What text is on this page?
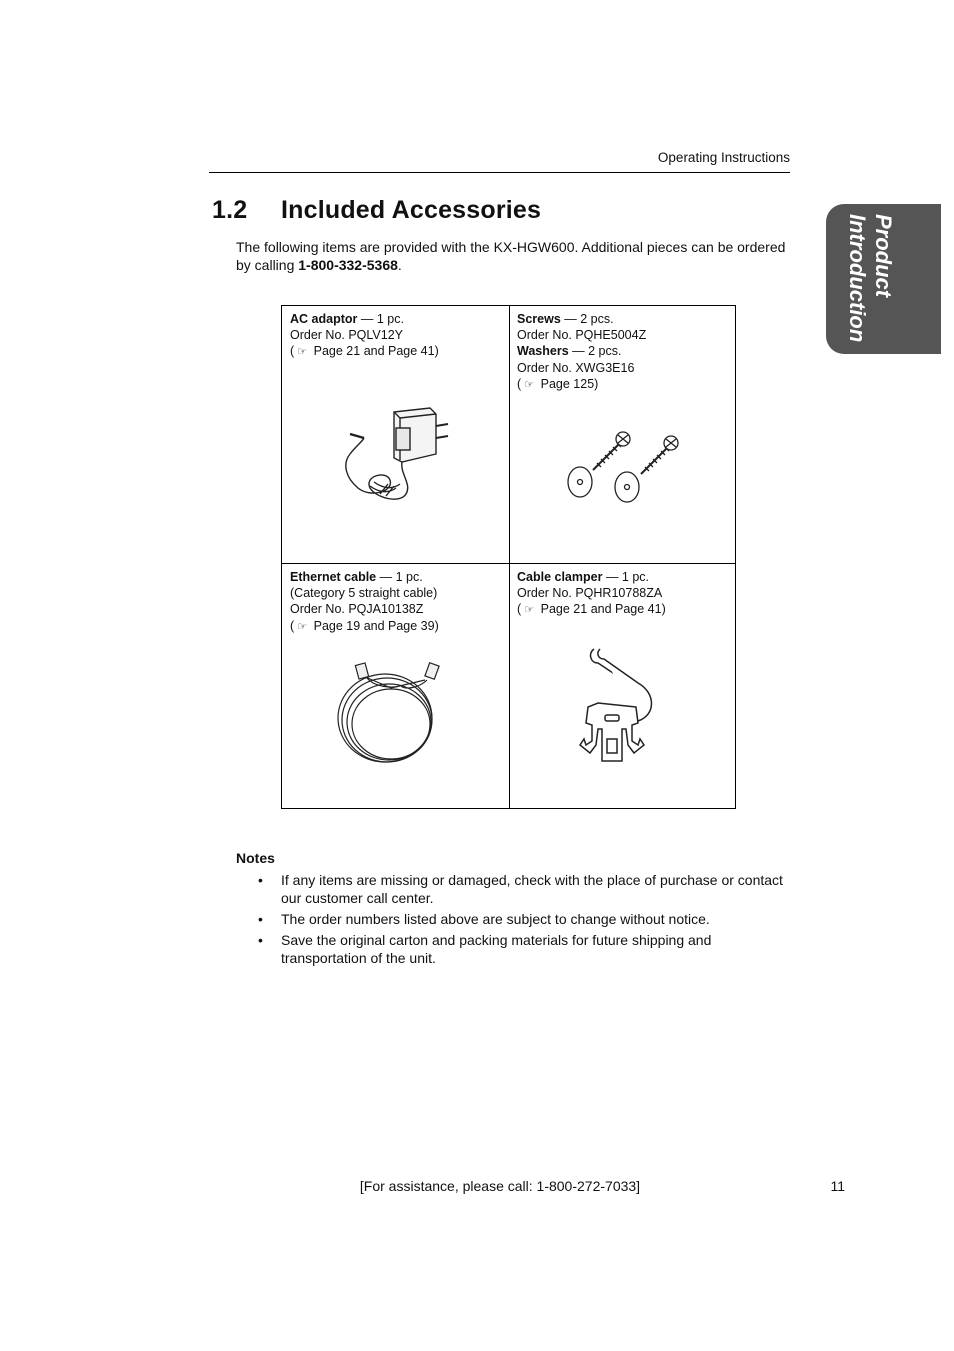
Operating Instructions
Product
Introduction
1.2 Included Accessories
The following items are provided with the KX-HGW600. Additional pieces can be ordered by calling 1-800-332-5368.
AC adaptor — 1 pc.
Order No. PQLV12Y
( ☞ Page 21 and Page 41)
Screws — 2 pcs.
Order No. PQHE5004Z
Washers — 2 pcs.
Order No. XWG3E16
( ☞ Page 125)
Ethernet cable — 1 pc.
(Category 5 straight cable)
Order No. PQJA10138Z
( ☞ Page 19 and Page 39)
Cable clamper — 1 pc.
Order No. PQHR10788ZA
( ☞ Page 21 and Page 41)
Notes
• If any items are missing or damaged, check with the place of purchase or contact our customer call center.
• The order numbers listed above are subject to change without notice.
• Save the original carton and packing materials for future shipping and transportation of the unit.
[For assistance, please call: 1-800-272-7033]	11
